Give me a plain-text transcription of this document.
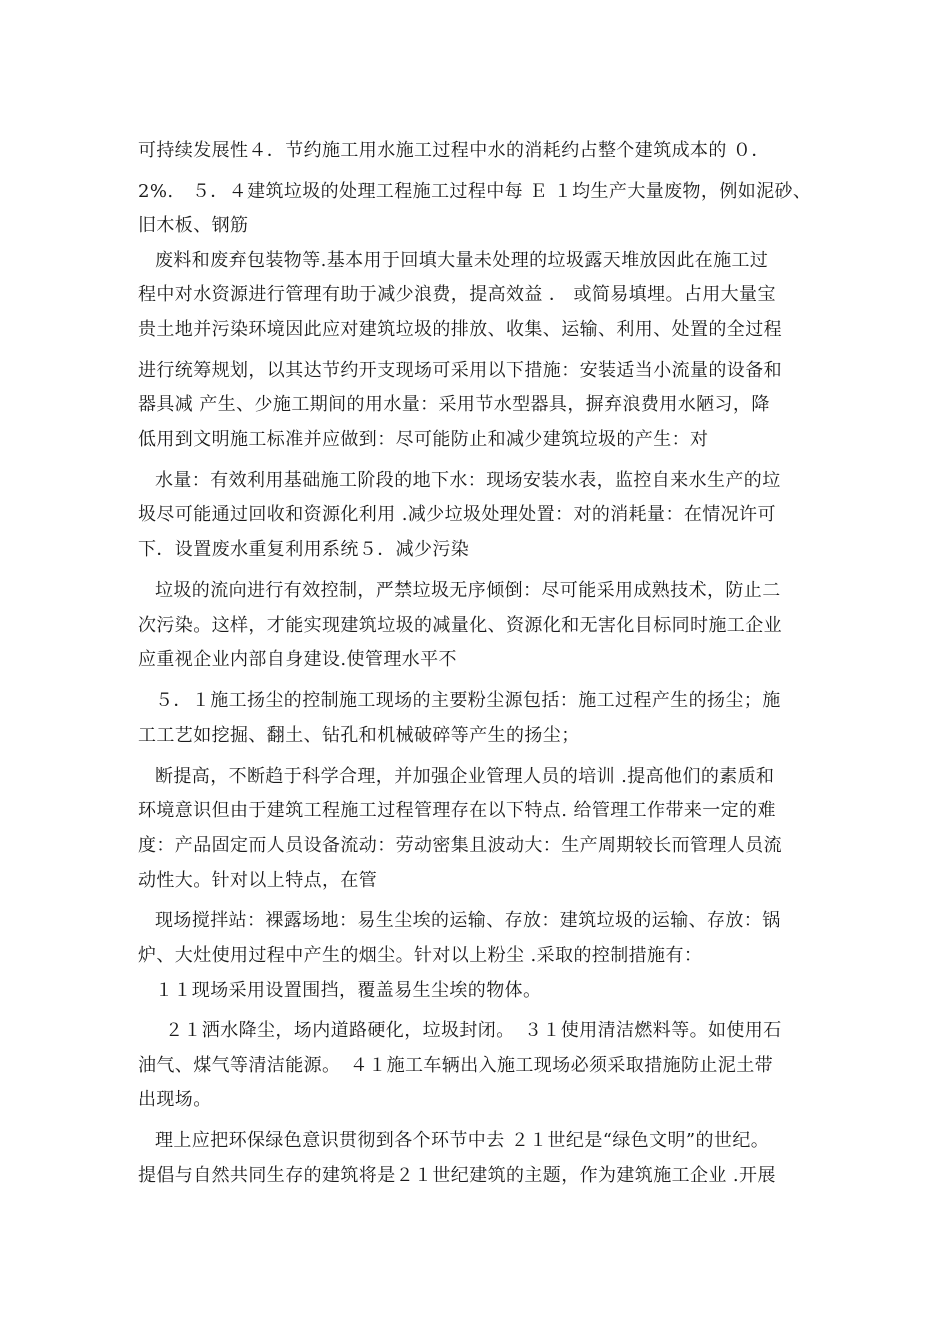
可持续发展性４．节约施工用水施工过程中水的消耗约占整个建筑成本的 ０．
2%.　５．４建筑垃圾的处理工程施工过程中每 Ｅ １均生产大量废物，例如泥砂、
旧木板、钢筋
废料和废弃包装物等.基本用于回填大量未处理的垃圾露天堆放因此在施工过
程中对水资源进行管理有助于减少浪费，提高效益 ． 或简易填埋。占用大量宝
贵土地并污染环境因此应对建筑垃圾的排放、收集、运输、利用、处置的全过程
进行统筹规划，以其达节约开支现场可采用以下措施：安装适当小流量的设备和
器具减 产生、少施工期间的用水量：采用节水型器具，摒弃浪费用水陋习，降
低用到文明施工标准并应做到：尽可能防止和减少建筑垃圾的产生：对
水量：有效利用基础施工阶段的地下水：现场安装水表，监控自来水生产的垃
圾尽可能通过回收和资源化利用 .减少垃圾处理处置：对的消耗量：在情况许可
下．设置废水重复利用系统５．减少污染
垃圾的流向进行有效控制，严禁垃圾无序倾倒：尽可能采用成熟技术，防止二
次污染。这样，才能实现建筑垃圾的减量化、资源化和无害化目标同时施工企业
应重视企业内部自身建设.使管理水平不
５．１施工扬尘的控制施工现场的主要粉尘源包括：施工过程产生的扬尘；施
工工艺如挖掘、翻土、钻孔和机械破碎等产生的扬尘；
断提高，不断趋于科学合理，并加强企业管理人员的培训 .提高他们的素质和
环境意识但由于建筑工程施工过程管理存在以下特点. 给管理工作带来一定的难
度：产品固定而人员设备流动：劳动密集且波动大：生产周期较长而管理人员流
动性大。针对以上特点，在管
现场搅拌站：裸露场地：易生尘埃的运输、存放：建筑垃圾的运输、存放：锅
炉、大灶使用过程中产生的烟尘。针对以上粉尘 .采取的控制措施有：
１１现场采用设置围挡，覆盖易生尘埃的物体。
２１洒水降尘，场内道路硬化，垃圾封闭。　３１使用清洁燃料等。如使用石
油气、煤气等清洁能源。　４１施工车辆出入施工现场必须采取措施防止泥土带
出现场。
理上应把环保绿色意识贯彻到各个环节中去 ２１世纪是“绿色文明”的世纪。
提倡与自然共同生存的建筑将是２１世纪建筑的主题，作为建筑施工企业 .开展
